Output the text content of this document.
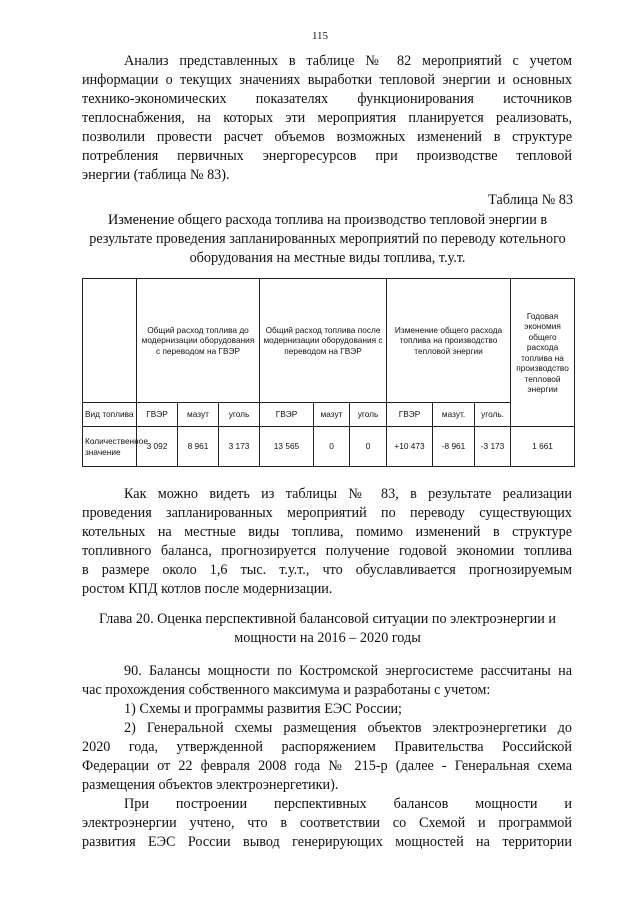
115

Анализ представленных в таблице № 82 мероприятий с учетом

информации о текущих значениях выработки тепловой энергии и основных

технико-экономических показателях функционирования источников

теплоснабжения, на которых эти мероприятия планируется реализовать,

позволили провести расчет объемов возможных изменений в структуре

потребления первичных энергоресурсов при производстве тепловой

энергии (таблица № 83).

Таблица № 83
Изменение общего расхода топлива на производство тепловой энергии в результате проведения запланированных мероприятий по переводу котельного оборудования на местные виды топлива, т.у.т.
	Общий расход топлива до модернизации оборудования с переводом на ГВЭР			Общий расход топлива после модернизации оборудования с переводом на ГВЭР			Изменение общего расхода топлива на производство тепловой энергии			Годовая экономия общего расхода топлива на производство тепловой энергии
Вид топлива	ГВЭР	мазут	уголь	ГВЭР	мазут	уголь	ГВЭР	мазут.	уголь.	
Количественное значение	3 092	8 961	3 173	13 565	0	0	+10 473	-8 961	-3 173	1 661

Как можно видеть из таблицы № 83, в результате реализации

проведения запланированных мероприятий по переводу существующих

котельных на местные виды топлива, помимо изменений в структуре

топливного баланса, прогнозируется получение годовой экономии топлива

в размере около 1,6 тыс. т.у.т., что обуславливается прогнозируемым

ростом КПД котлов после модернизации.

Глава 20. Оценка перспективной балансовой ситуации по электроэнергии и мощности на 2016 – 2020 годы

90. Балансы мощности по Костромской энергосистеме рассчитаны на

час прохождения собственного максимума и разработаны с учетом:

1) Схемы и программы развития ЕЭС России;

2) Генеральной схемы размещения объектов электроэнергетики до

2020 года, утвержденной распоряжением Правительства Российской

Федерации от 22 февраля 2008 года № 215-р (далее - Генеральная схема

размещения объектов электроэнергетики).

При построении перспективных балансов мощности и

электроэнергии учтено, что в соответствии со Схемой и программой

развития ЕЭС России вывод генерирующих мощностей на территории
